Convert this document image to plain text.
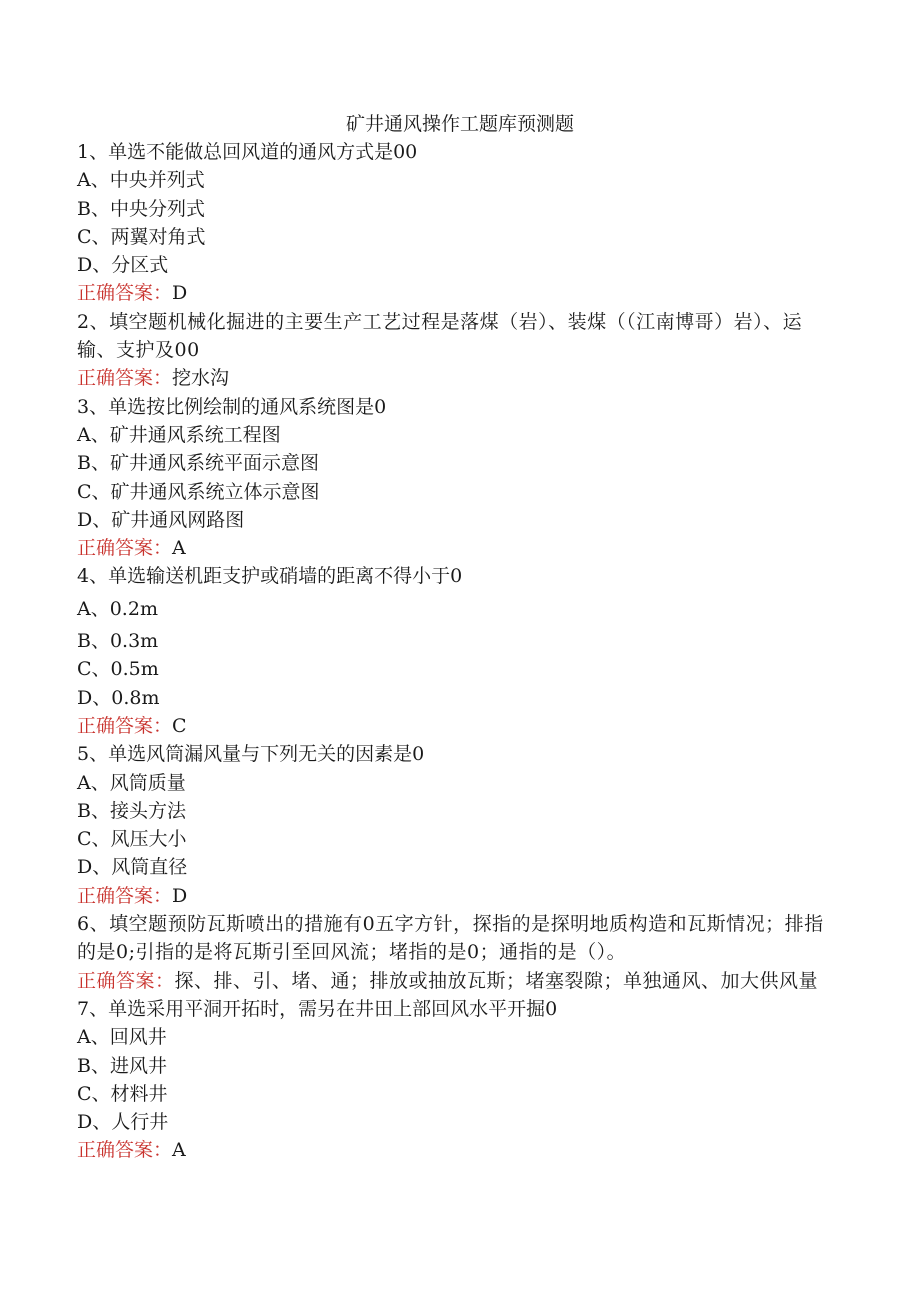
矿井通风操作工题库预测题
1、单选不能做总回风道的通风方式是00
A、中央并列式
B、中央分列式
C、两翼对角式
D、分区式
正确答案：D
2、填空题机械化掘进的主要生产工艺过程是落煤（岩）、装煤（（江南博哥）岩）、运输、支护及00
正确答案：挖水沟
3、单选按比例绘制的通风系统图是0
A、矿井通风系统工程图
B、矿井通风系统平面示意图
C、矿井通风系统立体示意图
D、矿井通风网路图
正确答案：A
4、单选输送机距支护或硝墙的距离不得小于0
A、0.2m
B、0.3m
C、0.5m
D、0.8m
正确答案：C
5、单选风筒漏风量与下列无关的因素是0
A、风筒质量
B、接头方法
C、风压大小
D、风筒直径
正确答案：D
6、填空题预防瓦斯喷出的措施有0五字方针，探指的是探明地质构造和瓦斯情况；排指的是0;引指的是将瓦斯引至回风流；堵指的是0；通指的是（）。
正确答案：探、排、引、堵、通；排放或抽放瓦斯；堵塞裂隙；单独通风、加大供风量
7、单选采用平洞开拓时，需另在井田上部回风水平开掘0
A、回风井
B、进风井
C、材料井
D、人行井
正确答案：A
